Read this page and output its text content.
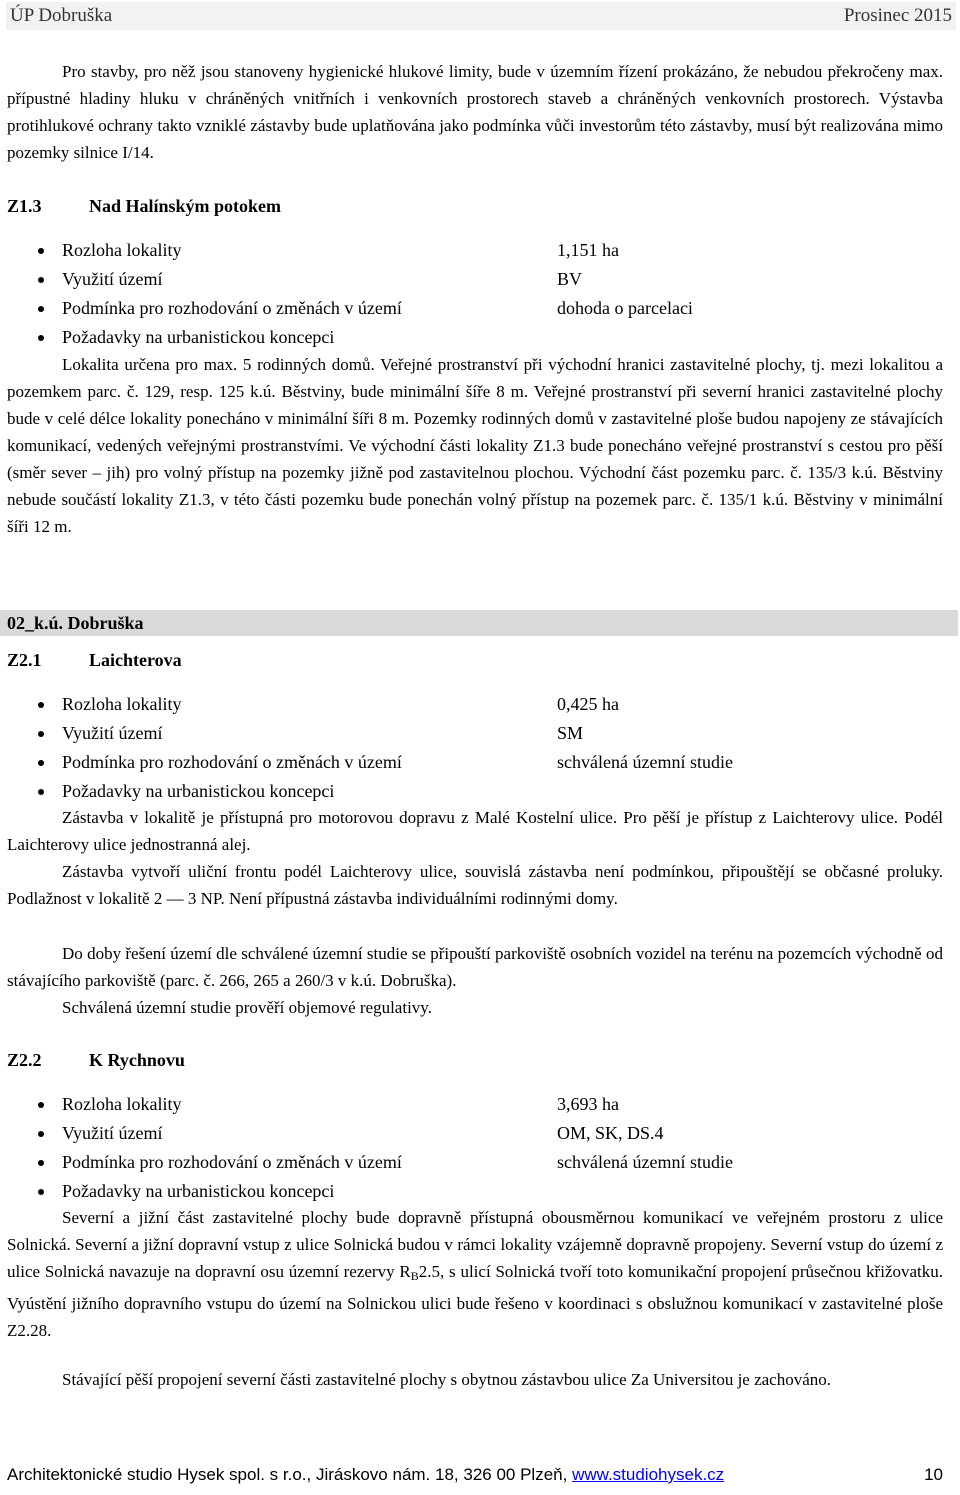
ÚP Dobruška	Prosinec 2015
Pro stavby, pro něž jsou stanoveny hygienické hlukové limity, bude v územním řízení prokázáno, že nebudou překročeny max. přípustné hladiny hluku v chráněných vnitřních i venkovních prostorech staveb a chráněných venkovních prostorech. Výstavba protihlukové ochrany takto vzniklé zástavby bude uplatňována jako podmínka vůči investorům této zástavby, musí být realizována mimo pozemky silnice I/14.
Z1.3	Nad Halínským potokem
Rozloha lokality	1,151 ha
Využití území	BV
Podmínka pro rozhodování o změnách v území	dohoda o parcelaci
Požadavky na urbanistickou koncepci
Lokalita určena pro max. 5 rodinných domů. Veřejné prostranství při východní hranici zastavitelné plochy, tj. mezi lokalitou a pozemkem parc. č. 129, resp. 125 k.ú. Běstviny, bude minimální šíře 8 m. Veřejné prostranství při severní hranici zastavitelné plochy bude v celé délce lokality ponecháno v minimální šíři 8 m. Pozemky rodinných domů v zastavitelné ploše budou napojeny ze stávajících komunikací, vedených veřejnými prostranstvími. Ve východní části lokality Z1.3 bude ponecháno veřejné prostranství s cestou pro pěší (směr sever – jih) pro volný přístup na pozemky jižně pod zastavitelnou plochou. Východní část pozemku parc. č. 135/3 k.ú. Běstviny nebude součástí lokality Z1.3, v této části pozemku bude ponechán volný přístup na pozemek parc. č. 135/1 k.ú. Běstviny v minimální šíři 12 m.
02_k.ú. Dobruška
Z2.1	Laichterova
Rozloha lokality	0,425 ha
Využití území	SM
Podmínka pro rozhodování o změnách v území	schválená územní studie
Požadavky na urbanistickou koncepci
Zástavba v lokalitě je přístupná pro motorovou dopravu z Malé Kostelní ulice. Pro pěší je přístup z Laichterovy ulice. Podél Laichterovy ulice jednostranná alej.
Zástavba vytvoří uliční frontu podél Laichterovy ulice, souvislá zástavba není podmínkou, připouštějí se občasné proluky. Podlažnost v lokalitě 2 — 3 NP. Není přípustná zástavba individuálními rodinnými domy.
Do doby řešení území dle schválené územní studie se připouští parkoviště osobních vozidel na terénu na pozemcích východně od stávajícího parkoviště (parc. č. 266, 265 a 260/3 v k.ú. Dobruška).
Schválená územní studie prověří objemové regulativy.
Z2.2	K Rychnovu
Rozloha lokality	3,693 ha
Využití území	OM, SK, DS.4
Podmínka pro rozhodování o změnách v území	schválená územní studie
Požadavky na urbanistickou koncepci
Severní a jižní část zastavitelné plochy bude dopravně přístupná obousměrnou komunikací ve veřejném prostoru z ulice Solnická. Severní a jižní dopravní vstup z ulice Solnická budou v rámci lokality vzájemně dopravně propojeny. Severní vstup do území z ulice Solnická navazuje na dopravní osu územní rezervy $R_B2.5$, s ulicí Solnická tvoří toto komunikační propojení průsečnou křižovatku. Vyústění jižního dopravního vstupu do území na Solnickou ulici bude řešeno v koordinaci s obslužnou komunikací v zastavitelné ploše Z2.28.
Stávající pěší propojení severní části zastavitelné plochy s obytnou zástavbou ulice Za Universitou je zachováno.
Architektonické studio Hysek spol. s r.o., Jiráskovo nám. 18, 326 00 Plzeň, www.studiohysek.cz	10
